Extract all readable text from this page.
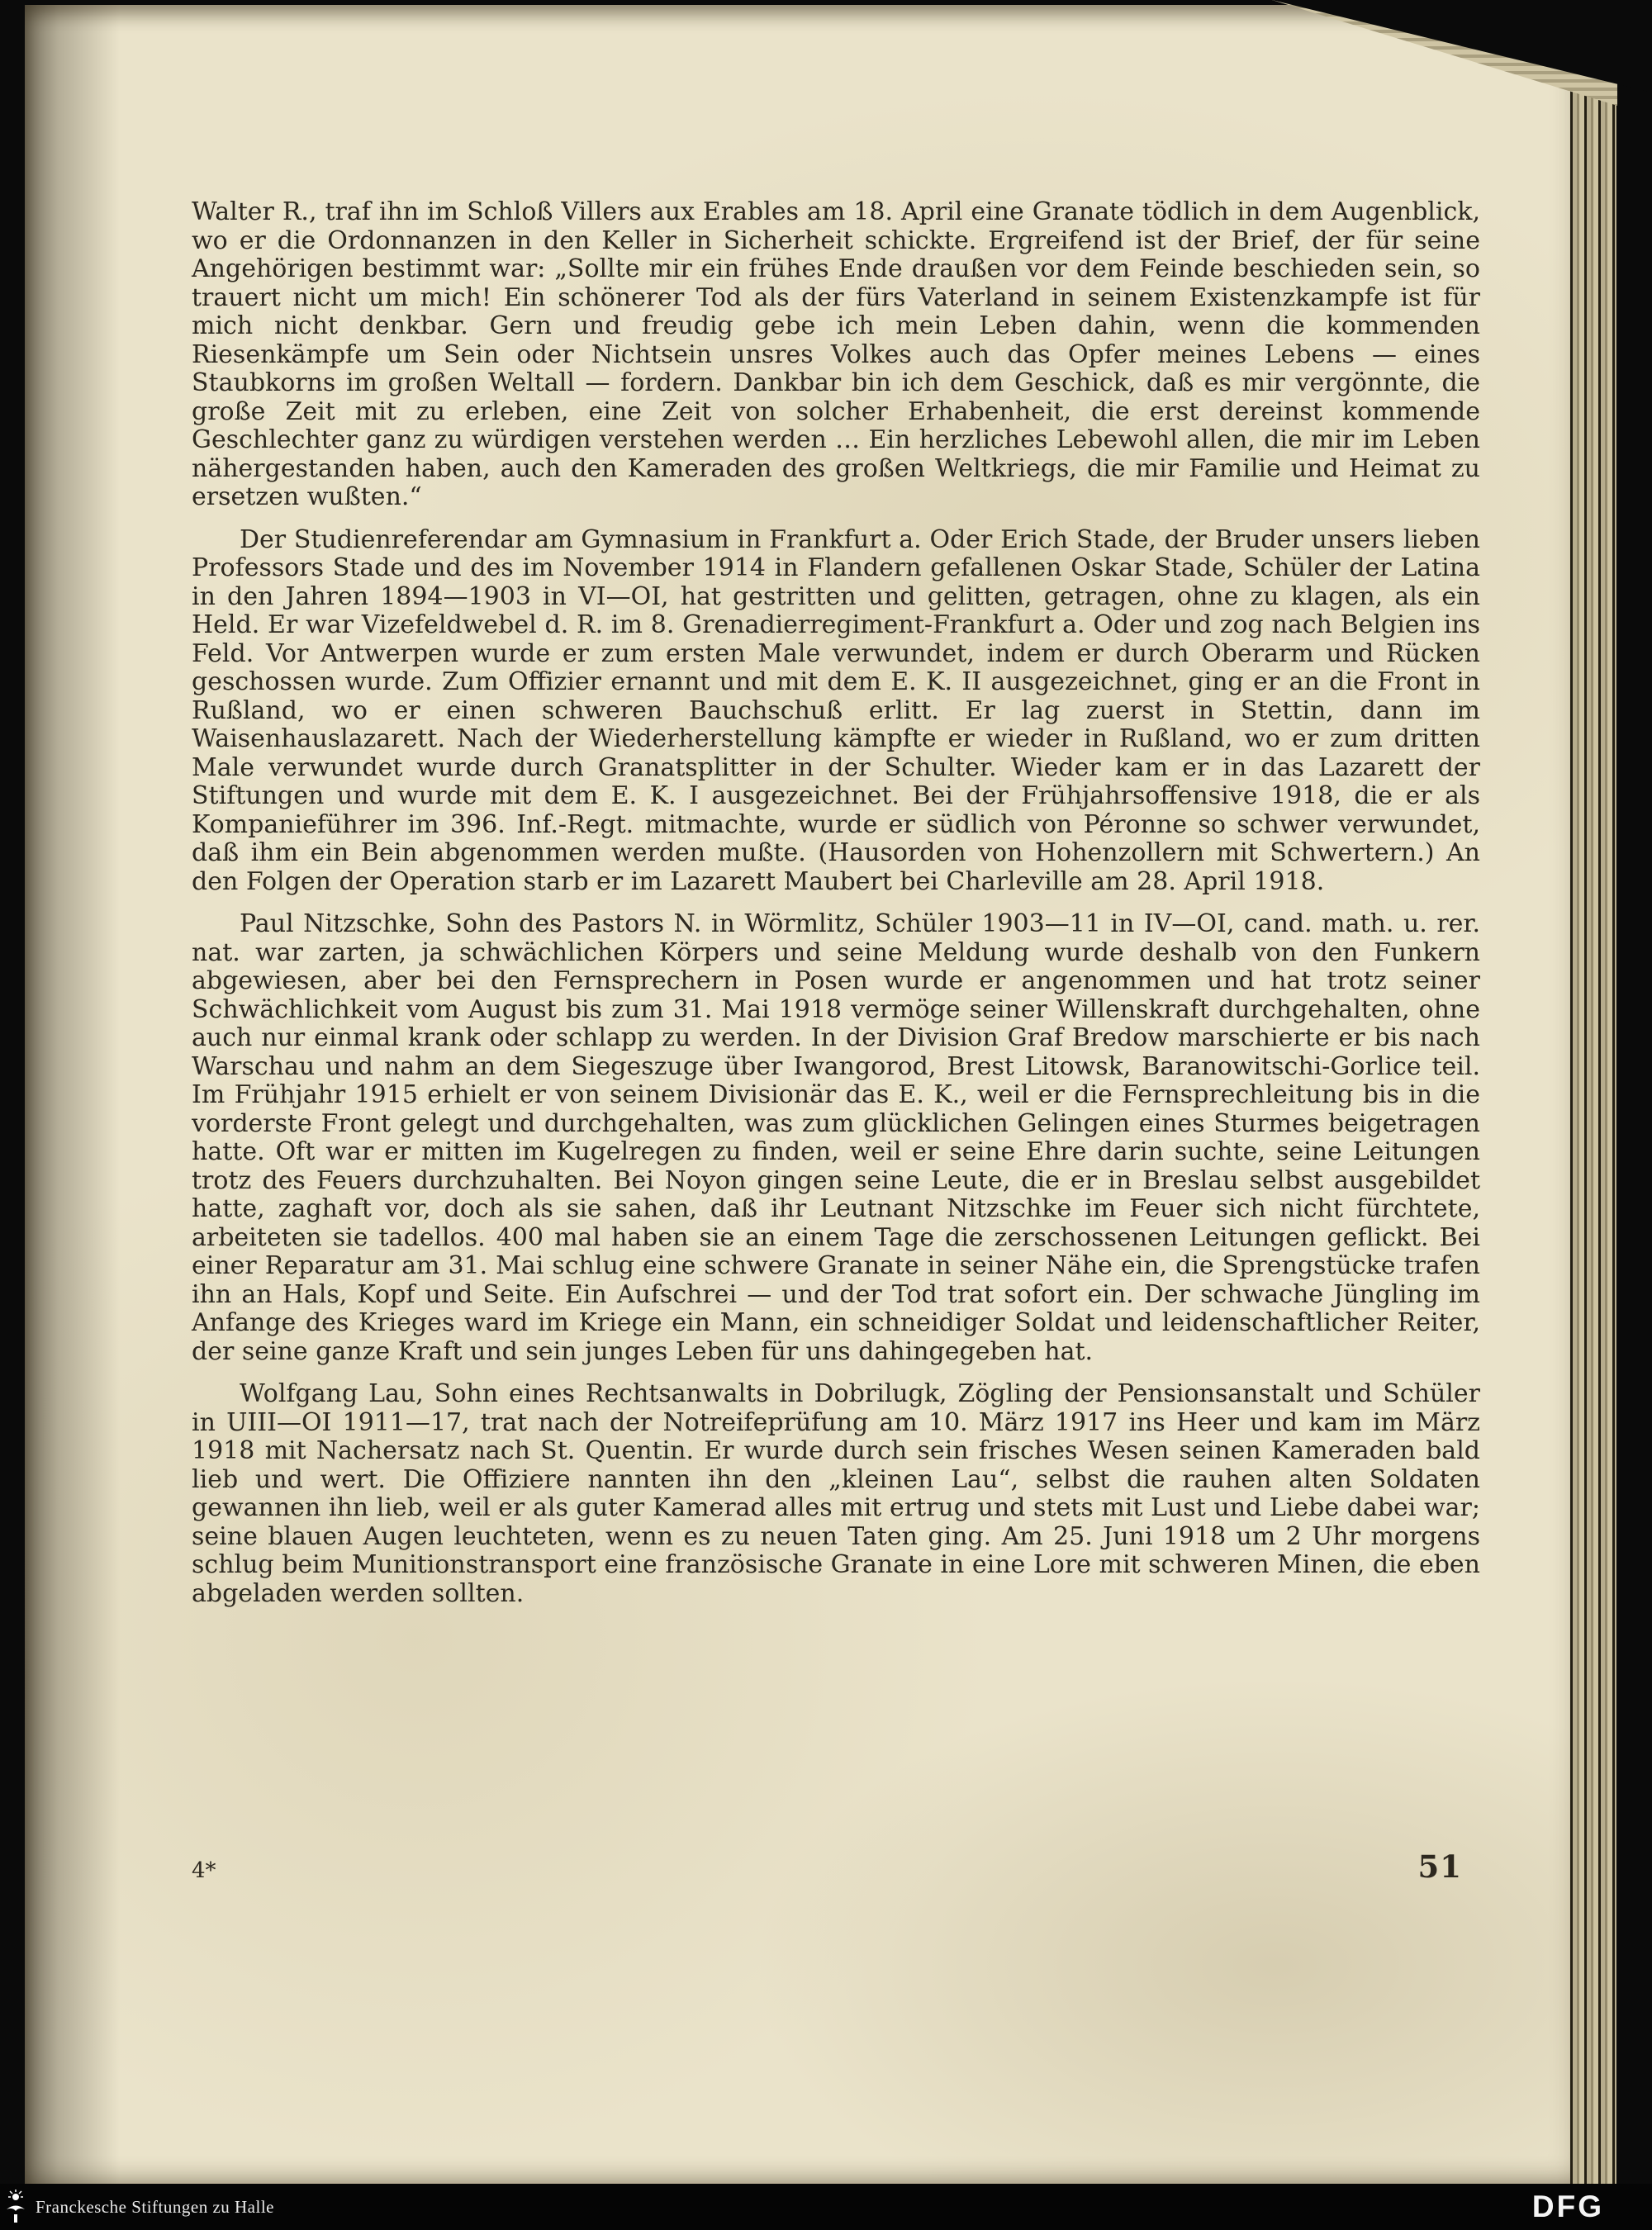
Walter R., traf ihn im Schloß Villers aux Erables am 18. April eine Granate tödlich in dem Augenblick, wo er die Ordonnanzen in den Keller in Sicherheit schickte. Ergreifend ist der Brief, der für seine Angehörigen bestimmt war: „Sollte mir ein frühes Ende draußen vor dem Feinde beschieden sein, so trauert nicht um mich! Ein schönerer Tod als der fürs Vaterland in seinem Existenzkampfe ist für mich nicht denkbar. Gern und freudig gebe ich mein Leben dahin, wenn die kommenden Riesenkämpfe um Sein oder Nichtsein unsres Volkes auch das Opfer meines Lebens — eines Staubkorns im großen Weltall — fordern. Dankbar bin ich dem Geschick, daß es mir vergönnte, die große Zeit mit zu erleben, eine Zeit von solcher Erhabenheit, die erst dereinst kommende Geschlechter ganz zu würdigen verstehen werden … Ein herzliches Lebewohl allen, die mir im Leben nähergestanden haben, auch den Kameraden des großen Weltkriegs, die mir Familie und Heimat zu ersetzen wußten.“

Der Studienreferendar am Gymnasium in Frankfurt a. Oder Erich Stade, der Bruder unsers lieben Professors Stade und des im November 1914 in Flandern gefallenen Oskar Stade, Schüler der Latina in den Jahren 1894—1903 in VI—OI, hat gestritten und gelitten, getragen, ohne zu klagen, als ein Held. Er war Vizefeldwebel d. R. im 8. Grenadierregiment-Frankfurt a. Oder und zog nach Belgien ins Feld. Vor Antwerpen wurde er zum ersten Male verwundet, indem er durch Oberarm und Rücken geschossen wurde. Zum Offizier ernannt und mit dem E. K. II ausgezeichnet, ging er an die Front in Rußland, wo er einen schweren Bauchschuß erlitt. Er lag zuerst in Stettin, dann im Waisenhauslazarett. Nach der Wiederherstellung kämpfte er wieder in Rußland, wo er zum dritten Male verwundet wurde durch Granatsplitter in der Schulter. Wieder kam er in das Lazarett der Stiftungen und wurde mit dem E. K. I ausgezeichnet. Bei der Frühjahrsoffensive 1918, die er als Kompanieführer im 396. Inf.-Regt. mitmachte, wurde er südlich von Péronne so schwer verwundet, daß ihm ein Bein abgenommen werden mußte. (Hausorden von Hohenzollern mit Schwertern.) An den Folgen der Operation starb er im Lazarett Maubert bei Charleville am 28. April 1918.

Paul Nitzschke, Sohn des Pastors N. in Wörmlitz, Schüler 1903—11 in IV—OI, cand. math. u. rer. nat. war zarten, ja schwächlichen Körpers und seine Meldung wurde deshalb von den Funkern abgewiesen, aber bei den Fernsprechern in Posen wurde er angenommen und hat trotz seiner Schwächlichkeit vom August bis zum 31. Mai 1918 vermöge seiner Willenskraft durchgehalten, ohne auch nur einmal krank oder schlapp zu werden. In der Division Graf Bredow marschierte er bis nach Warschau und nahm an dem Siegeszuge über Iwangorod, Brest Litowsk, Baranowitschi-Gorlice teil. Im Frühjahr 1915 erhielt er von seinem Divisionär das E. K., weil er die Fernsprechleitung bis in die vorderste Front gelegt und durchgehalten, was zum glücklichen Gelingen eines Sturmes beigetragen hatte. Oft war er mitten im Kugelregen zu finden, weil er seine Ehre darin suchte, seine Leitungen trotz des Feuers durchzuhalten. Bei Noyon gingen seine Leute, die er in Breslau selbst ausgebildet hatte, zaghaft vor, doch als sie sahen, daß ihr Leutnant Nitzschke im Feuer sich nicht fürchtete, arbeiteten sie tadellos. 400 mal haben sie an einem Tage die zerschossenen Leitungen geflickt. Bei einer Reparatur am 31. Mai schlug eine schwere Granate in seiner Nähe ein, die Sprengstücke trafen ihn an Hals, Kopf und Seite. Ein Aufschrei — und der Tod trat sofort ein. Der schwache Jüngling im Anfange des Krieges ward im Kriege ein Mann, ein schneidiger Soldat und leidenschaftlicher Reiter, der seine ganze Kraft und sein junges Leben für uns dahingegeben hat.

Wolfgang Lau, Sohn eines Rechtsanwalts in Dobrilugk, Zögling der Pensionsanstalt und Schüler in UIII—OI 1911—17, trat nach der Notreifeprüfung am 10. März 1917 ins Heer und kam im März 1918 mit Nachersatz nach St. Quentin. Er wurde durch sein frisches Wesen seinen Kameraden bald lieb und wert. Die Offiziere nannten ihn den „kleinen Lau“, selbst die rauhen alten Soldaten gewannen ihn lieb, weil er als guter Kamerad alles mit ertrug und stets mit Lust und Liebe dabei war; seine blauen Augen leuchteten, wenn es zu neuen Taten ging. Am 25. Juni 1918 um 2 Uhr morgens schlug beim Munitionstransport eine französische Granate in eine Lore mit schweren Minen, die eben abgeladen werden sollten.

4*	51
Franckesche Stiftungen zu Halle	DFG
